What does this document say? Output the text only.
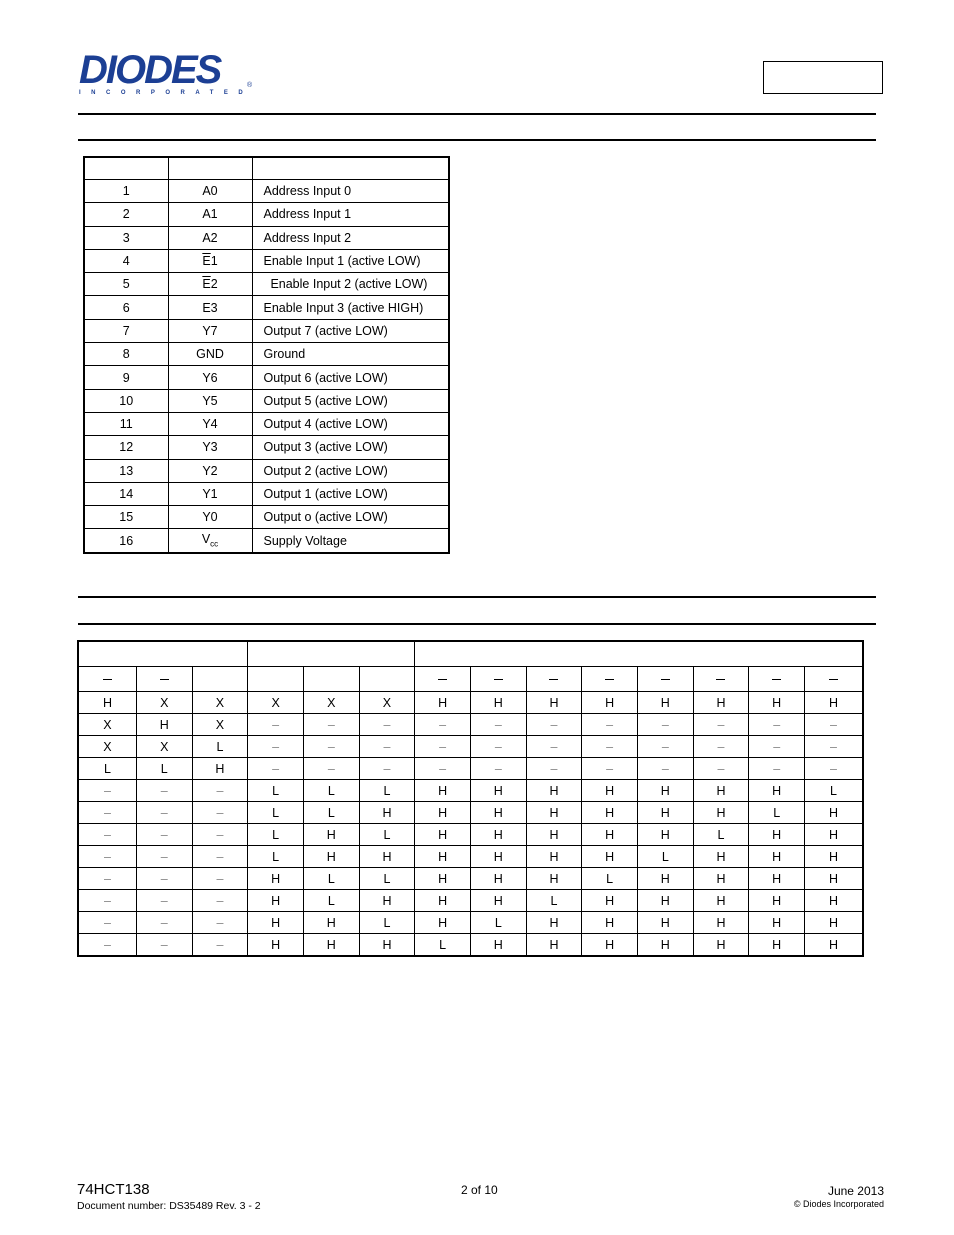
DIODES	®
INCORPORATED

1	A0	Address Input 0
2	A1	Address Input 1
3	A2	Address Input 2
4	$\overline{E}1$	Enable Input 1 (active LOW)
5	$\overline{E}2$	Enable Input 2 (active LOW)
6	E3	Enable Input 3 (active HIGH)
7	Y7	Output 7 (active LOW)
8	GND	Ground
9	Y6	Output 6 (active LOW)
10	Y5	Output 5 (active LOW)
11	Y4	Output 4 (active LOW)
12	Y3	Output 3 (active LOW)
13	Y2	Output 2 (active LOW)
14	Y1	Output 1 (active LOW)
15	Y0	Output o (active LOW)
16	$V_{cc}$	Supply Voltage

H	X	X	X	X	X	H	H	H	H	H	H	H	H
X	H	X	–	–	–	–	–	–	–	–	–	–	–
X	X	L	–	–	–	–	–	–	–	–	–	–	–
L	L	H	–	–	–	–	–	–	–	–	–	–	–
–	–	–	L	L	L	H	H	H	H	H	H	H	L
–	–	–	L	L	H	H	H	H	H	H	H	L	H
–	–	–	L	H	L	H	H	H	H	H	L	H	H
–	–	–	L	H	H	H	H	H	H	L	H	H	H
–	–	–	H	L	L	H	H	H	L	H	H	H	H
–	–	–	H	L	H	H	H	L	H	H	H	H	H
–	–	–	H	H	L	H	L	H	H	H	H	H	H
–	–	–	H	H	H	L	H	H	H	H	H	H	H
74HCT138
Document number: DS35489 Rev. 3 - 2
2 of 10	June 2013
© Diodes Incorporated
